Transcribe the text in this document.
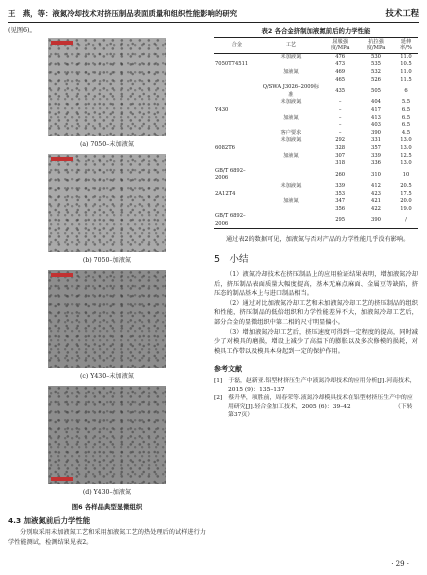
王　燕，等：液氮冷却技术对挤压制品表面质量和组织性能影响的研究	技术工程

(见图6)。

(a) 7050–未加液氮
(b) 7050–加液氮
(c) Y430–未加液氮
(d) Y430–加液氮
图6 各样品典型显微组织
4.3 加液氮前后力学性能

分别取采用未加液氮工艺和采用加液氮工艺的热处理后的试样进行力学性能测试，检测结果见表2。

表2 各合金挤制加液氮前后的力学性能
合金	工艺	屈服强度/MPa	抗拉强度/MPa	延伸率/%
	未加液氮	476	530	11.0
7050T74511		473	535	10.5
	加液氮	469	532	11.0
		465	526	11.5
	Q/SWA J3026–2009标准	435	505	6
	未加液氮	–	404	5.5
Y430		–	417	6.5
	加液氮	–	413	6.5
		–	403	6.5
	客户要求	–	390	4.5
	未加液氮	292	331	13.0
6082T6		328	357	13.0
	加液氮	307	339	12.5
		318	336	13.0
GB/T 6892–2006		260	310	10
	未加液氮	339	412	20.5
2A12T4		353	423	17.5
	加液氮	347	421	20.0
		356	422	19.0
GB/T 6892–2006		295	390	/

通过表2的数据可见，加液氮与否对产品的力学性能几乎没有影响。

5　小结

（1）液氮冷却技术在挤压制品上的应用验证结果表明，增加液氮冷却后，挤压制品表面质量大幅度提高，基本无麻点麻面、金属豆等缺陷，挤压态的制品基本上与进口制品相当。

（2）通过对比加液氮冷却工艺和未加液氮冷却工艺的挤压制品的组织和性能，挤压制品的低倍组织和力学性能差异不大，加液氮冷却工艺后，部分合金的显微组织中第二相的尺寸明显偏小。

（3）增加液氮冷却工艺后，挤压速度可得到一定程度的提高，同时减少了对模具的磨损，增设上减少了高温下的膨胀以及多次修模的损耗，对模具工作带以及模具本身起到一定的保护作用。

参考文献

[1]　于磊，赵新亚.铝型材挤压生产中液氮冷却技术的应用分析[J].河南技术，2015 (9)：135–137

[2]　蔡升华，项胜前，周春荣等.液氮冷却模具技术在铝型材挤压生产中的应用研究[J].轻合金加工技术，2005 (6)：39–42　　　　　　　　（下转第37页）

· 29 ·
